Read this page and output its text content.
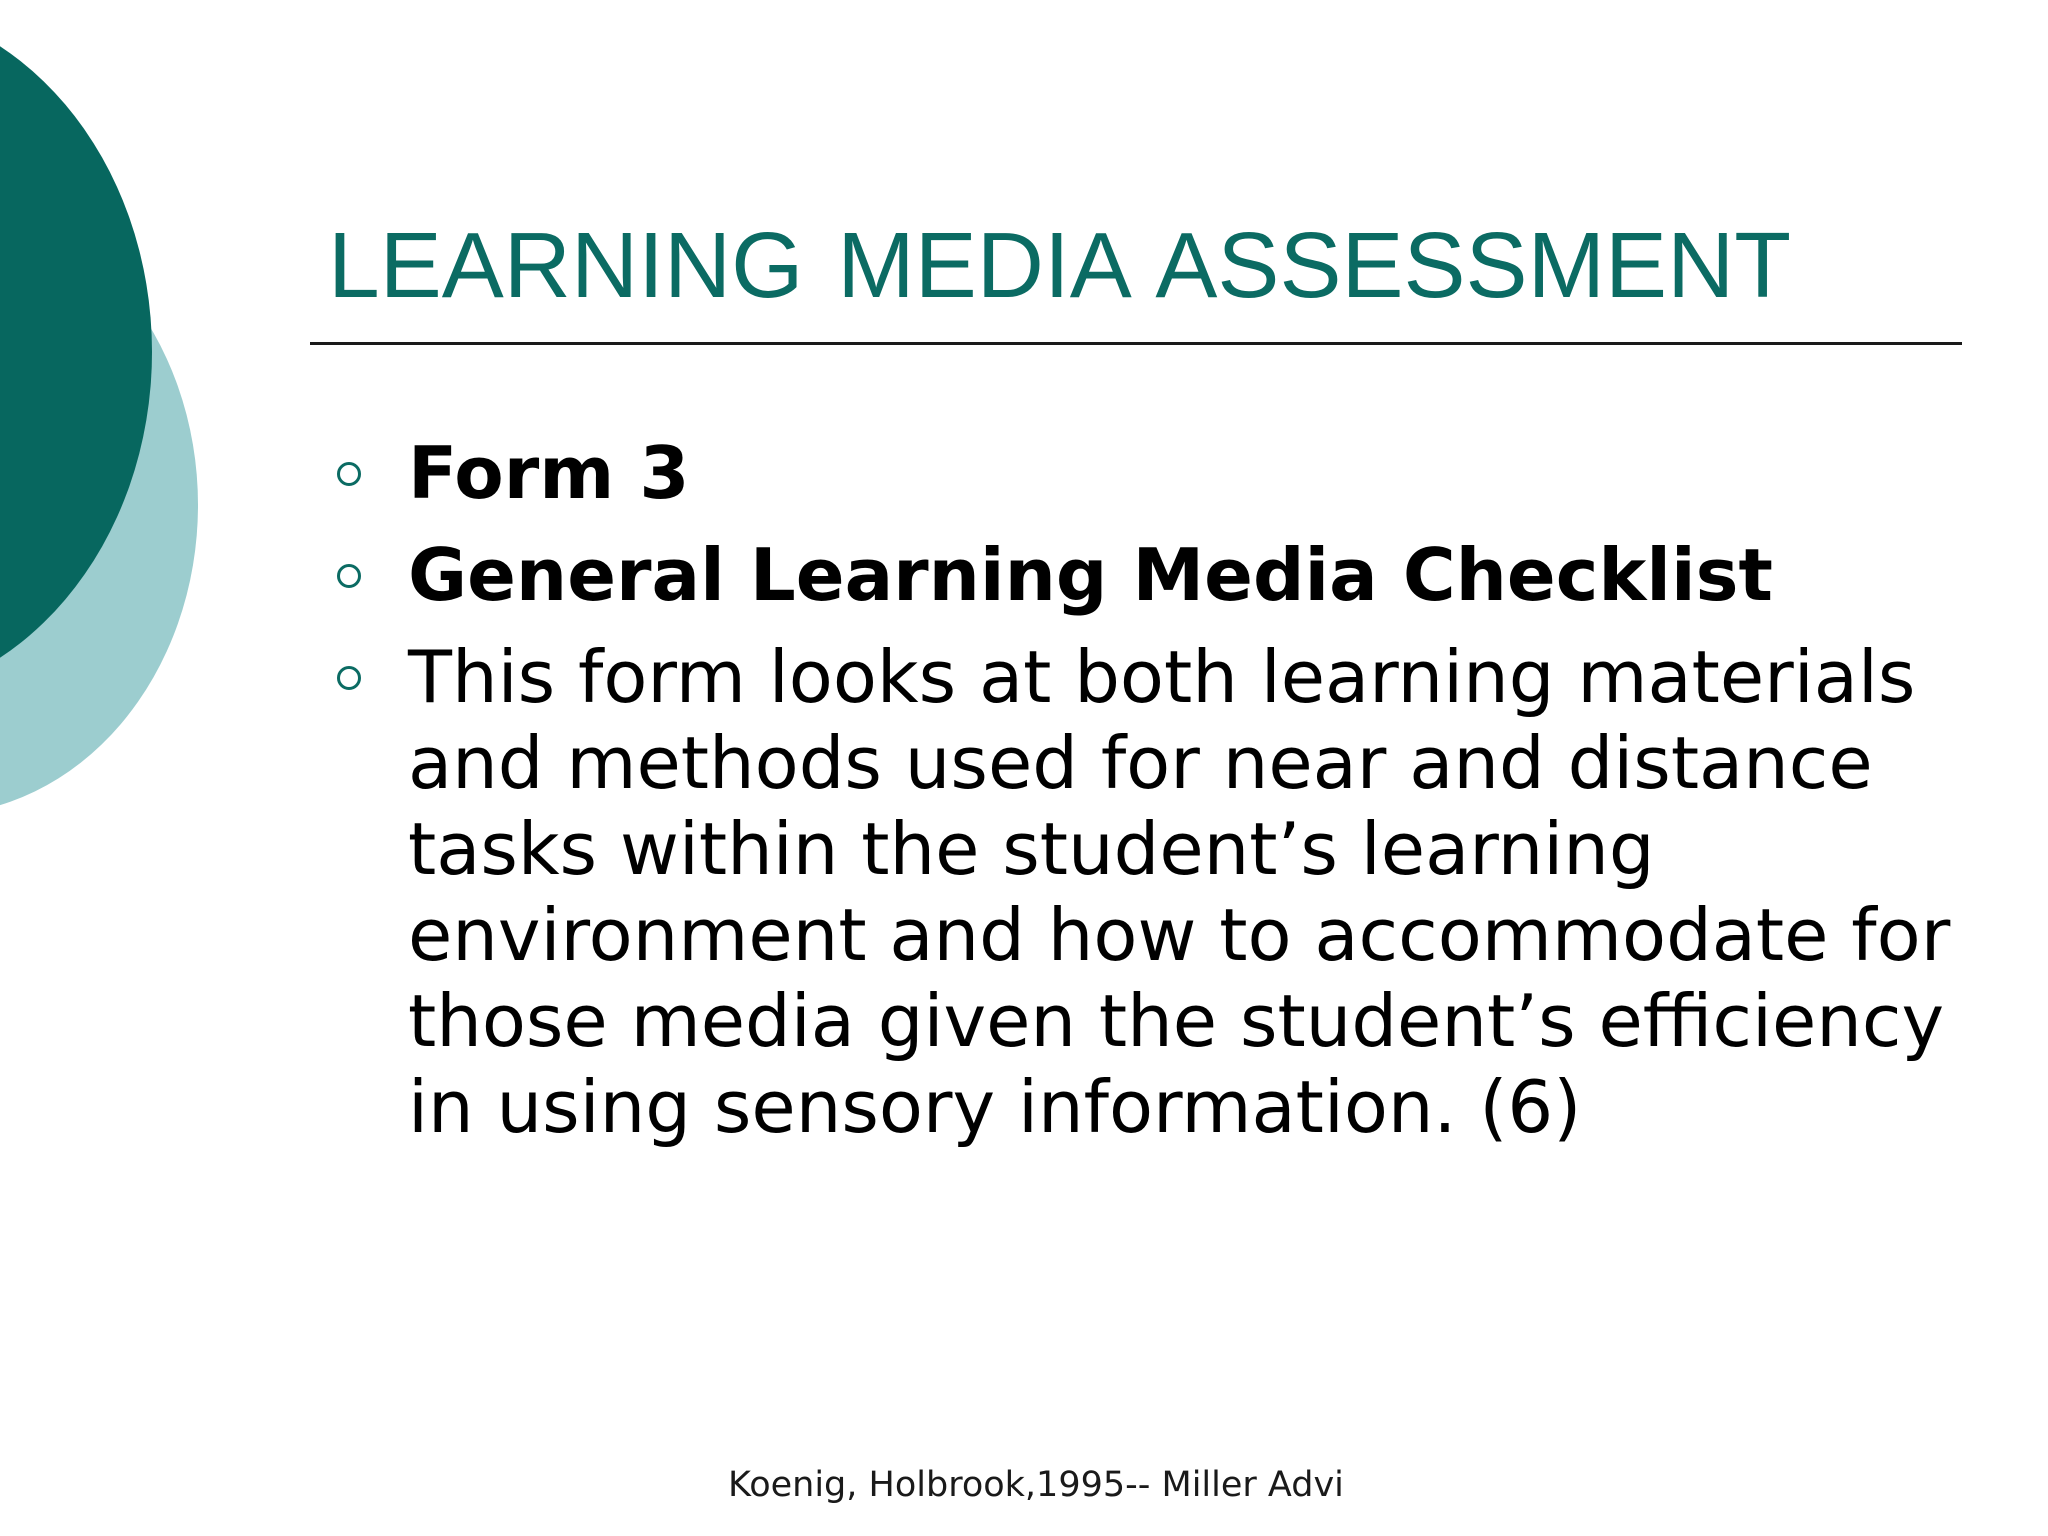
LEARNING MEDIA ASSESSMENT
Form 3
General Learning Media Checklist
This form looks at both learning materials and methods used for near and distance tasks within the student’s learning environment and how to accommodate for those media given the student’s efficiency in using sensory information. (6)
Koenig, Holbrook,1995-- Miller Advi
